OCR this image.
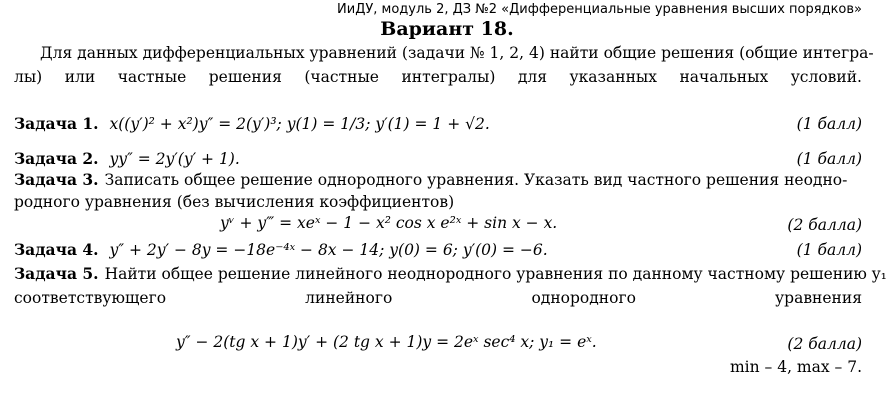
ИиДУ, модуль 2, ДЗ №2 «Дифференциальные уравнения высших порядков»
Вариант 18.
Для данных дифференциальных уравнений (задачи № 1, 2, 4) найти общие решения (общие интегра-
лы) или частные решения (частные интегралы) для указанных начальных условий.
Задача 1. x((y′)² + x²)y″ = 2(y′)³; y(1) = 1/3; y′(1) = 1 + √2.	(1 балл)
Задача 2. yy″ = 2y′(y′ + 1).	(1 балл)
Задача 3. Записать общее решение однородного уравнения. Указать вид частного решения неодно-
родного уравнения (без вычисления коэффициентов)
yᵛ + y‴ = xeˣ − 1 − x² cos x e²ˣ + sin x − x.	(2 балла)
Задача 4. y″ + 2y′ − 8y = −18e⁻⁴ˣ − 8x − 14; y(0) = 6; y′(0) = −6.	(1 балл)
Задача 5. Найти общее решение линейного неоднородного уравнения по данному частному решению y₁
соответствующего	линейного	однородного	уравнения
y″ − 2(tg x + 1)y′ + (2 tg x + 1)y = 2eˣ sec⁴ x; y₁ = eˣ.	(2 балла)
min – 4, max – 7.
